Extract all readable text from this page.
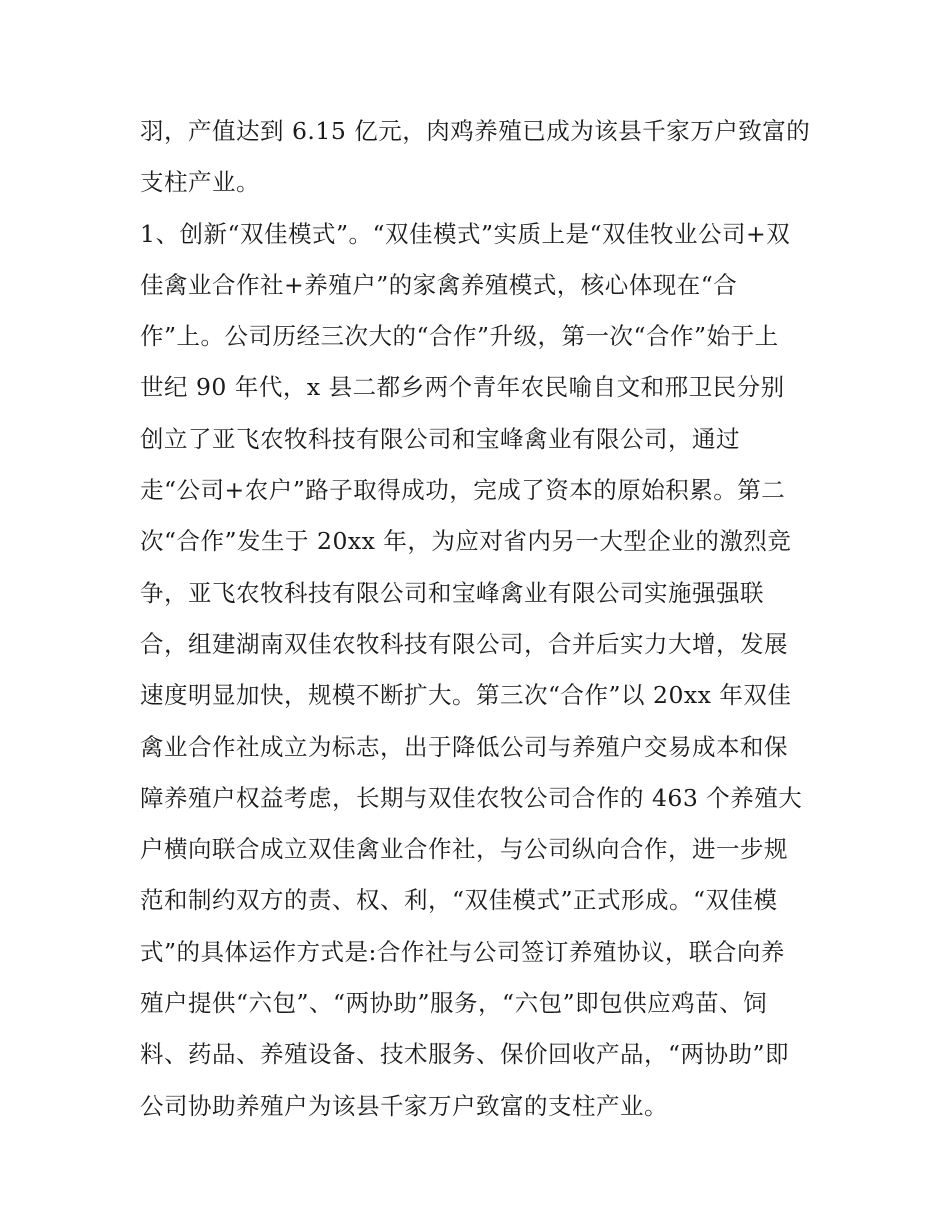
羽，产值达到 6.15 亿元，肉鸡养殖已成为该县千家万户致富的
支柱产业。
1、创新“双佳模式”。“双佳模式”实质上是“双佳牧业公司+双
佳禽业合作社+养殖户”的家禽养殖模式，核心体现在“合
作”上。公司历经三次大的“合作”升级，第一次“合作”始于上
世纪 90 年代，x 县二都乡两个青年农民喻自文和邢卫民分别
创立了亚飞农牧科技有限公司和宝峰禽业有限公司，通过
走“公司+农户”路子取得成功，完成了资本的原始积累。第二
次“合作”发生于 20xx 年，为应对省内另一大型企业的激烈竞
争，亚飞农牧科技有限公司和宝峰禽业有限公司实施强强联
合，组建湖南双佳农牧科技有限公司，合并后实力大增，发展
速度明显加快，规模不断扩大。第三次“合作”以 20xx 年双佳
禽业合作社成立为标志，出于降低公司与养殖户交易成本和保
障养殖户权益考虑，长期与双佳农牧公司合作的 463 个养殖大
户横向联合成立双佳禽业合作社，与公司纵向合作，进一步规
范和制约双方的责、权、利，“双佳模式”正式形成。“双佳模
式”的具体运作方式是:合作社与公司签订养殖协议，联合向养
殖户提供“六包”、“两协助”服务，“六包”即包供应鸡苗、饲
料、药品、养殖设备、技术服务、保价回收产品，“两协助”即
公司协助养殖户为该县千家万户致富的支柱产业。
